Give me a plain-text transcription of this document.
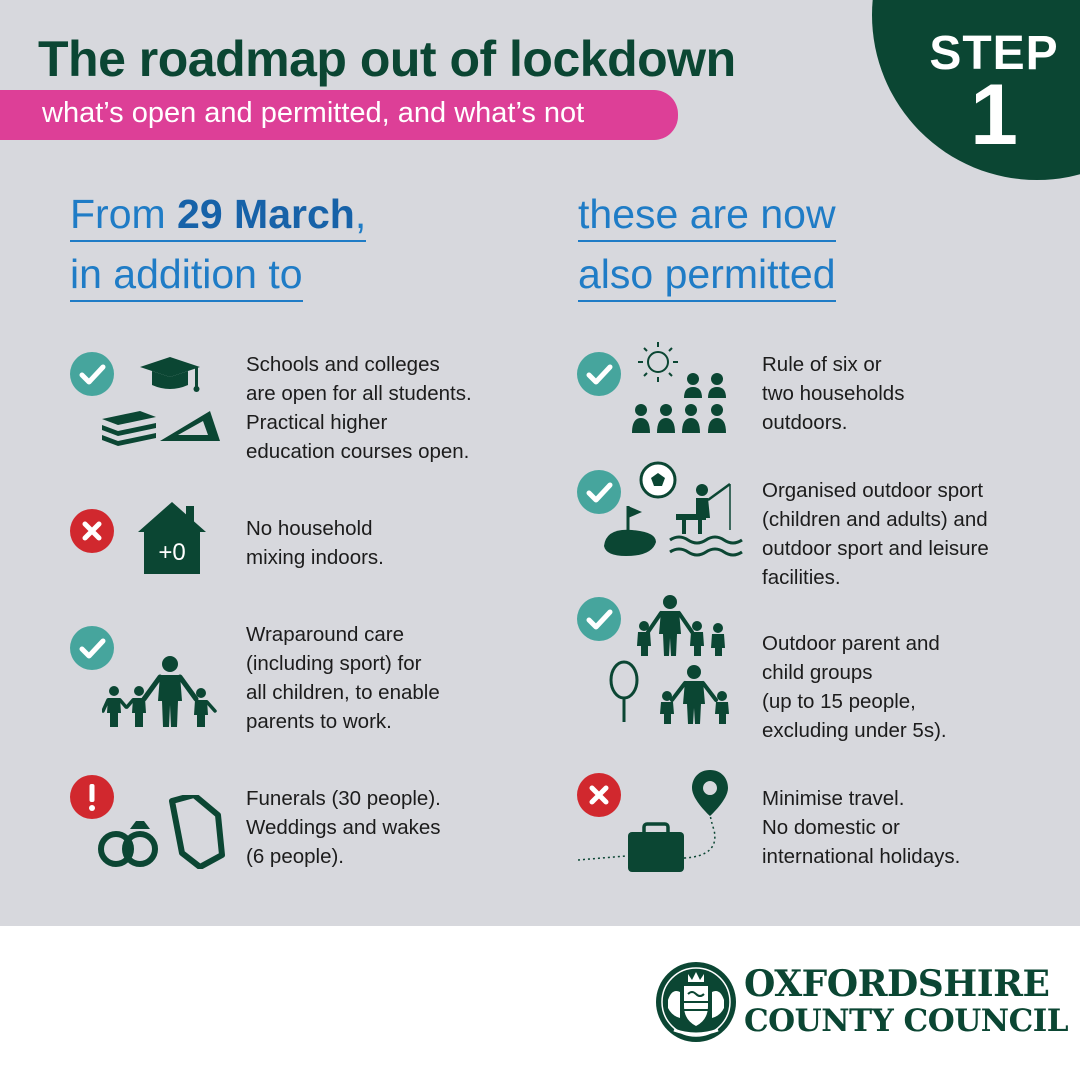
STEP
1
The roadmap out of lockdown
what’s open and permitted, and what’s not
From 29 March,
in addition to
these are now
also permitted
Schools and colleges
are open for all students.
Practical higher
education courses open.
+0
No household
mixing indoors.
Wraparound care
(including sport) for
all children, to enable
parents to work.
Funerals (30 people).
Weddings and wakes
(6 people).
Rule of six or
two households
outdoors.
Organised outdoor sport
(children and adults) and
outdoor sport and leisure
facilities.
Outdoor parent and
child groups
(up to 15 people,
excluding under 5s).
Minimise travel.
No domestic or
international holidays.
OXFORDSHIRE
COUNTY COUNCIL
